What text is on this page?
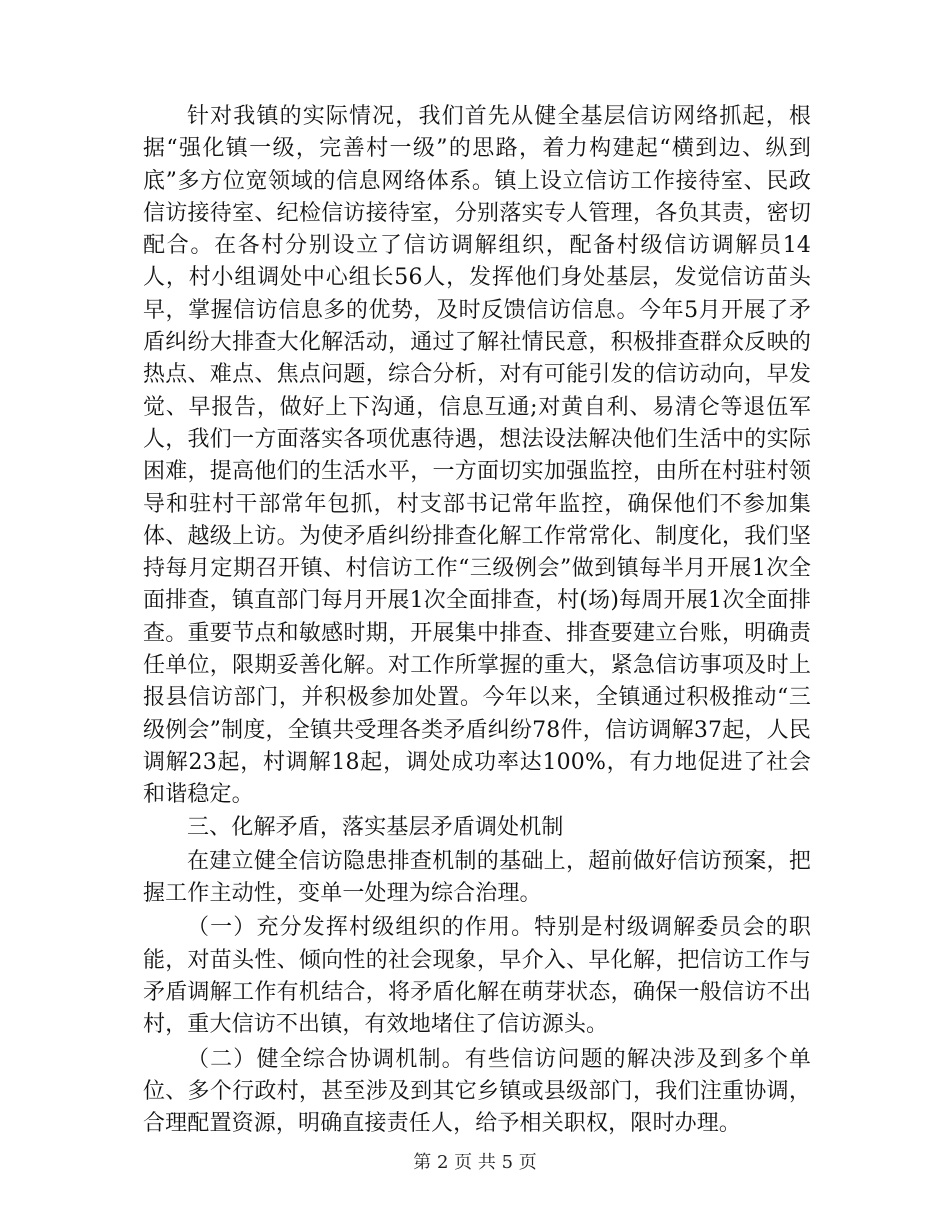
针对我镇的实际情况，我们首先从健全基层信访网络抓起，根据“强化镇一级，完善村一级”的思路，着力构建起“横到边、纵到底”多方位宽领域的信息网络体系。镇上设立信访工作接待室、民政信访接待室、纪检信访接待室，分别落实专人管理，各负其责，密切配合。在各村分别设立了信访调解组织，配备村级信访调解员14人，村小组调处中心组长56人，发挥他们身处基层，发觉信访苗头早，掌握信访信息多的优势，及时反馈信访信息。今年5月开展了矛盾纠纷大排查大化解活动，通过了解社情民意，积极排查群众反映的热点、难点、焦点问题，综合分析，对有可能引发的信访动向，早发觉、早报告，做好上下沟通，信息互通;对黄自利、易清仑等退伍军人，我们一方面落实各项优惠待遇，想法设法解决他们生活中的实际困难，提高他们的生活水平，一方面切实加强监控，由所在村驻村领导和驻村干部常年包抓，村支部书记常年监控，确保他们不参加集体、越级上访。为使矛盾纠纷排查化解工作常常化、制度化，我们坚持每月定期召开镇、村信访工作“三级例会”做到镇每半月开展1次全面排查，镇直部门每月开展1次全面排查，村(场)每周开展1次全面排查。重要节点和敏感时期，开展集中排查、排查要建立台账，明确责任单位，限期妥善化解。对工作所掌握的重大，紧急信访事项及时上报县信访部门，并积极参加处置。今年以来，全镇通过积极推动“三级例会”制度，全镇共受理各类矛盾纠纷78件，信访调解37起，人民调解23起，村调解18起，调处成功率达100%，有力地促进了社会和谐稳定。

三、化解矛盾，落实基层矛盾调处机制

在建立健全信访隐患排查机制的基础上，超前做好信访预案，把握工作主动性，变单一处理为综合治理。

（一）充分发挥村级组织的作用。特别是村级调解委员会的职能，对苗头性、倾向性的社会现象，早介入、早化解，把信访工作与矛盾调解工作有机结合，将矛盾化解在萌芽状态，确保一般信访不出村，重大信访不出镇，有效地堵住了信访源头。

（二）健全综合协调机制。有些信访问题的解决涉及到多个单位、多个行政村，甚至涉及到其它乡镇或县级部门，我们注重协调，合理配置资源，明确直接责任人，给予相关职权，限时办理。

第 2 页 共 5 页
